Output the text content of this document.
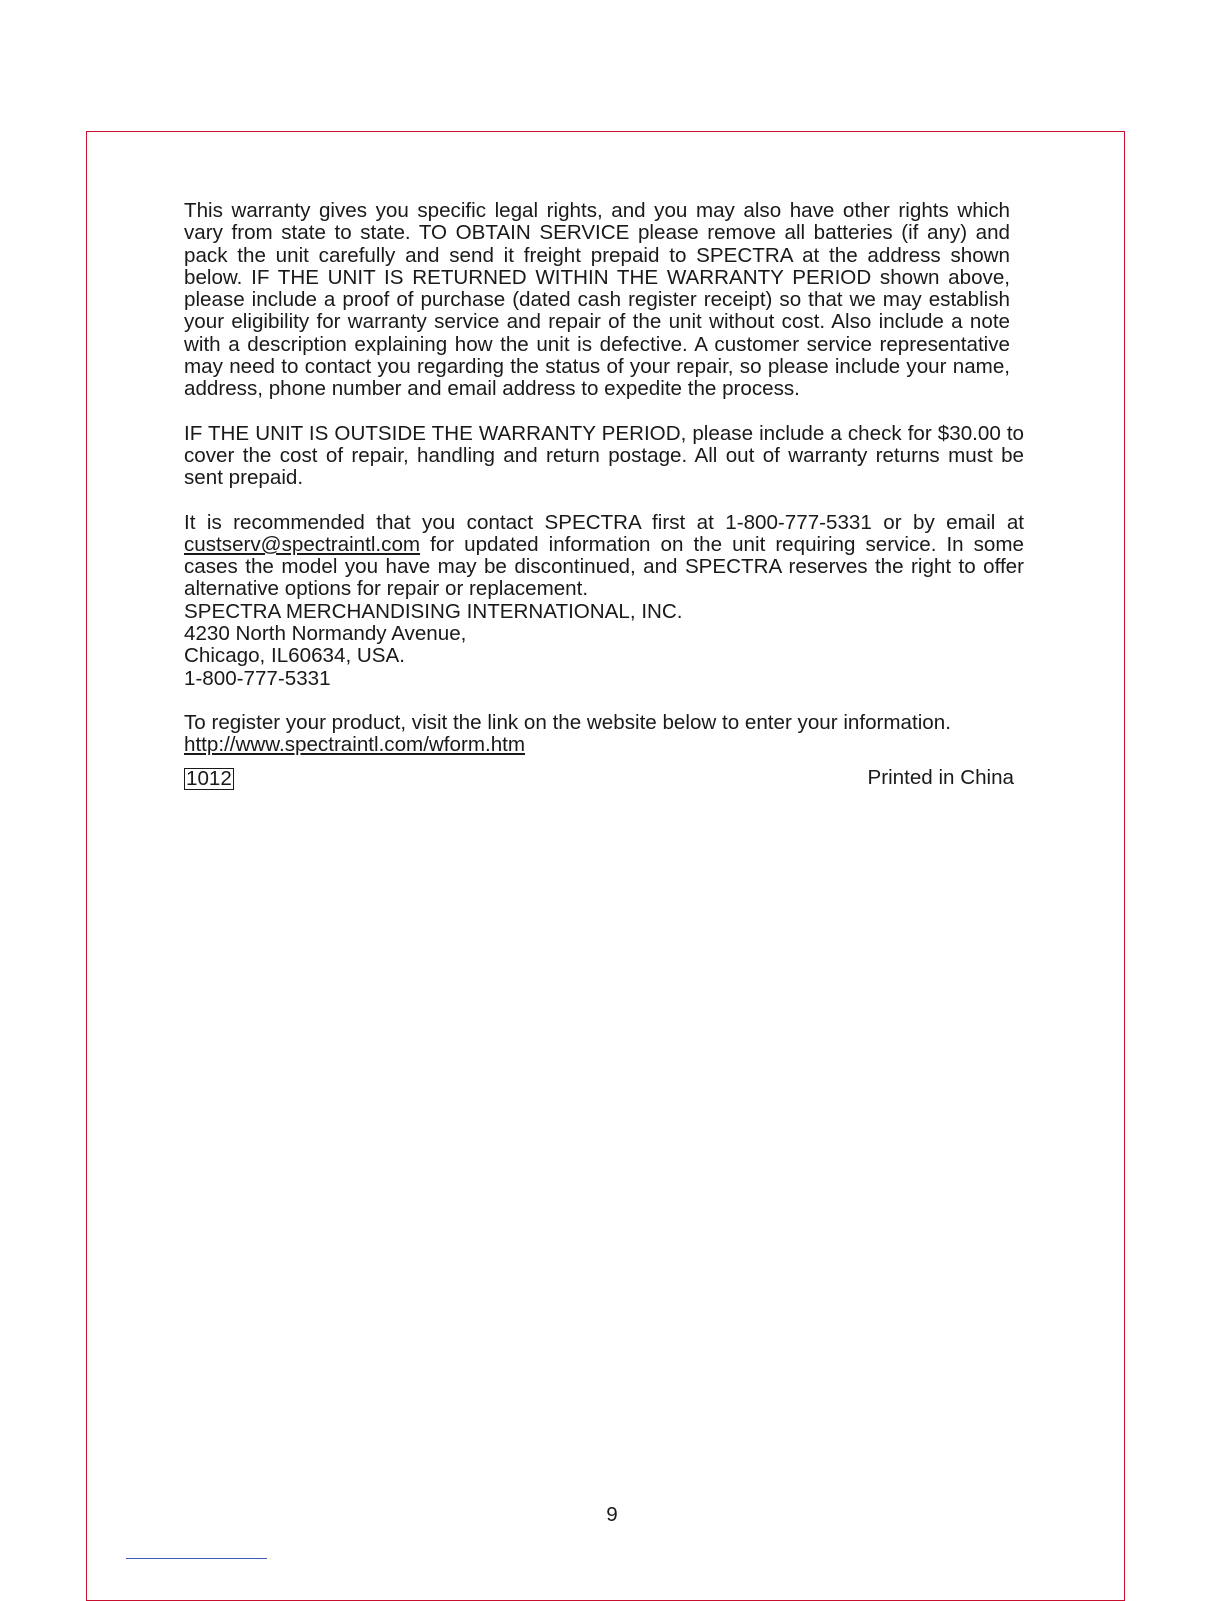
This warranty gives you specific legal rights, and you may also have other rights which vary from state to state. TO OBTAIN SERVICE please remove all batteries (if any) and pack the unit carefully and send it freight prepaid to SPECTRA at the address shown below. IF THE UNIT IS RETURNED WITHIN THE WARRANTY PERIOD shown above, please include a proof of purchase (dated cash register receipt) so that we may establish your eligibility for warranty service and repair of the unit without cost. Also include a note with a description explaining how the unit is defective. A customer service representative may need to contact you regarding the status of your repair, so please include your name, address, phone number and email address to expedite the process.

IF THE UNIT IS OUTSIDE THE WARRANTY PERIOD, please include a check for $30.00 to cover the cost of repair, handling and return postage. All out of warranty returns must be sent prepaid.

It is recommended that you contact SPECTRA first at 1-800-777-5331 or by email at custserv@spectraintl.com for updated information on the unit requiring service. In some cases the model you have may be discontinued, and SPECTRA reserves the right to offer alternative options for repair or replacement.

SPECTRA MERCHANDISING INTERNATIONAL, INC.
4230 North Normandy Avenue,
Chicago, IL60634, USA.
1-800-777-5331

To register your product, visit the link on the website below to enter your information.

http://www.spectraintl.com/wform.htm
1012	Printed in China
9
